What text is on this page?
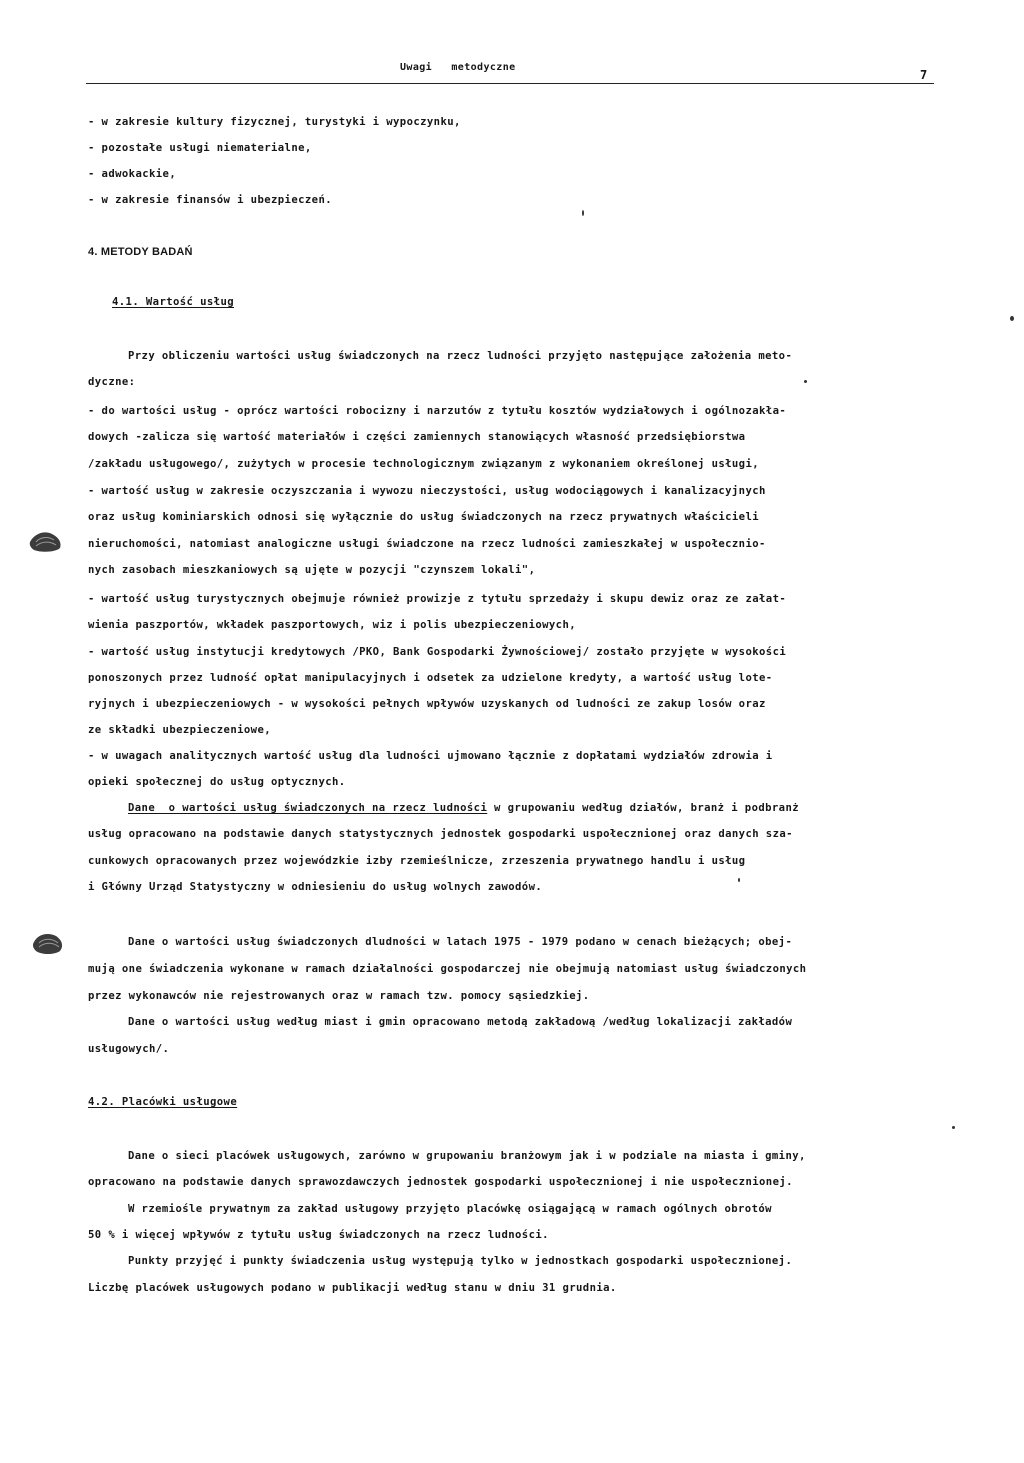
Uwagi   metodyczne
7
- w zakresie kultury fizycznej, turystyki i wypoczynku,
- pozostałe usługi niematerialne,
- adwokackie,
- w zakresie finansów i ubezpieczeń.
4. METODY BADAŃ
4.1. Wartość usług
Przy obliczeniu wartości usług świadczonych na rzecz ludności przyjęto następujące założenia meto-
dyczne:
- do wartości usług - oprócz wartości robocizny i narzutów z tytułu kosztów wydziałowych i ogólnozakła-
dowych -zalicza się wartość materiałów i części zamiennych stanowiących własność przedsiębiorstwa
/zakładu usługowego/, zużytych w procesie technologicznym związanym z wykonaniem określonej usługi,
- wartość usług w zakresie oczyszczania i wywozu nieczystości, usług wodociągowych i kanalizacyjnych
oraz usług kominiarskich odnosi się wyłącznie do usług świadczonych na rzecz prywatnych właścicieli
nieruchomości, natomiast analogiczne usługi świadczone na rzecz ludności zamieszkałej w uspołecznio-
nych zasobach mieszkaniowych są ujęte w pozycji "czynszem lokali",
- wartość usług turystycznych obejmuje również prowizje z tytułu sprzedaży i skupu dewiz oraz ze załat-
wienia paszportów, wkładek paszportowych, wiz i polis ubezpieczeniowych,
- wartość usług instytucji kredytowych /PKO, Bank Gospodarki Żywnościowej/ zostało przyjęte w wysokości
ponoszonych przez ludność opłat manipulacyjnych i odsetek za udzielone kredyty, a wartość usług lote-
ryjnych i ubezpieczeniowych - w wysokości pełnych wpływów uzyskanych od ludności ze zakup losów oraz
ze składki ubezpieczeniowe,
- w uwagach analitycznych wartość usług dla ludności ujmowano łącznie z dopłatami wydziałów zdrowia i
opieki społecznej do usług optycznych.
Dane  o wartości usług świadczonych na rzecz ludności w grupowaniu według działów, branż i podbranż
usług opracowano na podstawie danych statystycznych jednostek gospodarki uspołecznionej oraz danych sza-
cunkowych opracowanych przez wojewódzkie izby rzemieślnicze, zrzeszenia prywatnego handlu i usług
i Główny Urząd Statystyczny w odniesieniu do usług wolnych zawodów.
Dane o wartości usług świadczonych dludności w latach 1975 - 1979 podano w cenach bieżących; obej-
mują one świadczenia wykonane w ramach działalności gospodarczej nie obejmują natomiast usług świadczonych
przez wykonawców nie rejestrowanych oraz w ramach tzw. pomocy sąsiedzkiej.
Dane o wartości usług według miast i gmin opracowano metodą zakładową /według lokalizacji zakładów
usługowych/.
4.2. Placówki usługowe
Dane o sieci placówek usługowych, zarówno w grupowaniu branżowym jak i w podziale na miasta i gminy,
opracowano na podstawie danych sprawozdawczych jednostek gospodarki uspołecznionej i nie uspołecznionej.
W rzemiośle prywatnym za zakład usługowy przyjęto placówkę osiągającą w ramach ogólnych obrotów
50 % i więcej wpływów z tytułu usług świadczonych na rzecz ludności.
Punkty przyjęć i punkty świadczenia usług występują tylko w jednostkach gospodarki uspołecznionej.
Liczbę placówek usługowych podano w publikacji według stanu w dniu 31 grudnia.
